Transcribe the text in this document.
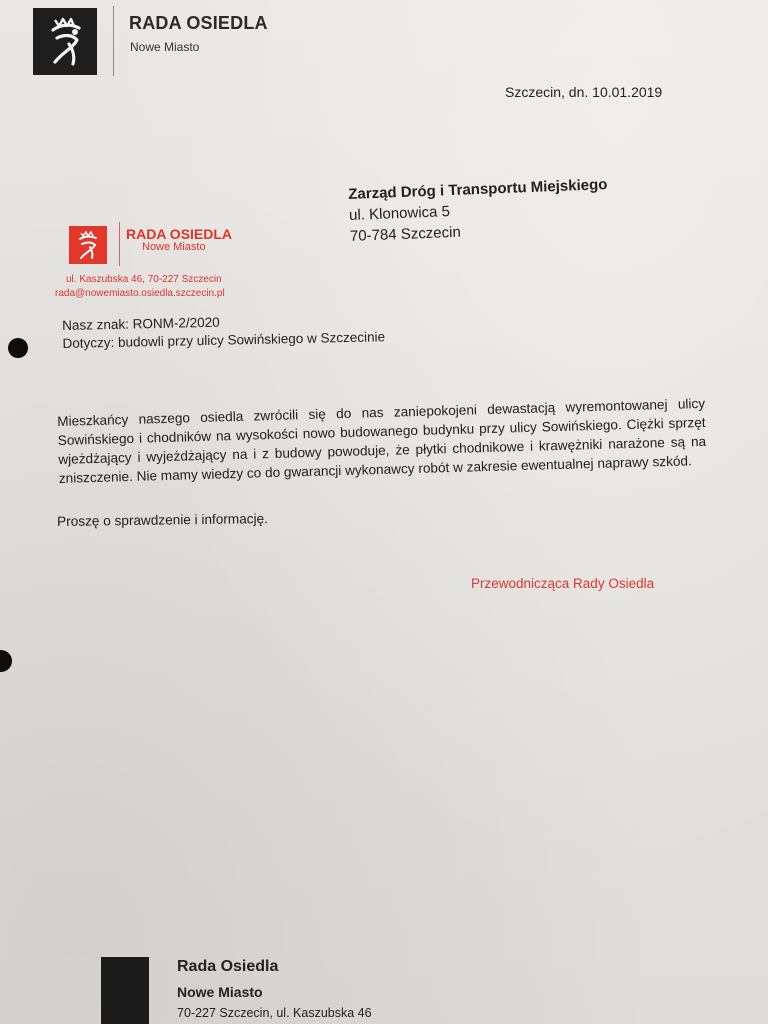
RADA OSIEDLA
Nowe Miasto
Szczecin, dn. 10.01.2019
Zarząd Dróg i Transportu Miejskiego
ul. Klonowica 5
70-784 Szczecin
RADA OSIEDLA
Nowe Miasto
ul. Kaszubska 46, 70-227 Szczecin
rada@nowemiasto.osiedla.szczecin.pl
Nasz znak: RONM-2/2020
Dotyczy: budowli przy ulicy Sowińskiego w Szczecinie
Mieszkańcy naszego osiedla zwrócili się do nas zaniepokojeni dewastacją wyremontowanej ulicy Sowińskiego i chodników na wysokości nowo budowanego budynku przy ulicy Sowińskiego. Ciężki sprzęt wjeżdżający i wyjeżdżający na i z budowy powoduje, że płytki chodnikowe i krawężniki narażone są na zniszczenie. Nie mamy wiedzy co do gwarancji wykonawcy robót w zakresie ewentualnej naprawy szkód.
Proszę o sprawdzenie i informację.
Przewodnicząca Rady Osiedla
Rada Osiedla
Nowe Miasto
70-227 Szczecin, ul. Kaszubska 46
